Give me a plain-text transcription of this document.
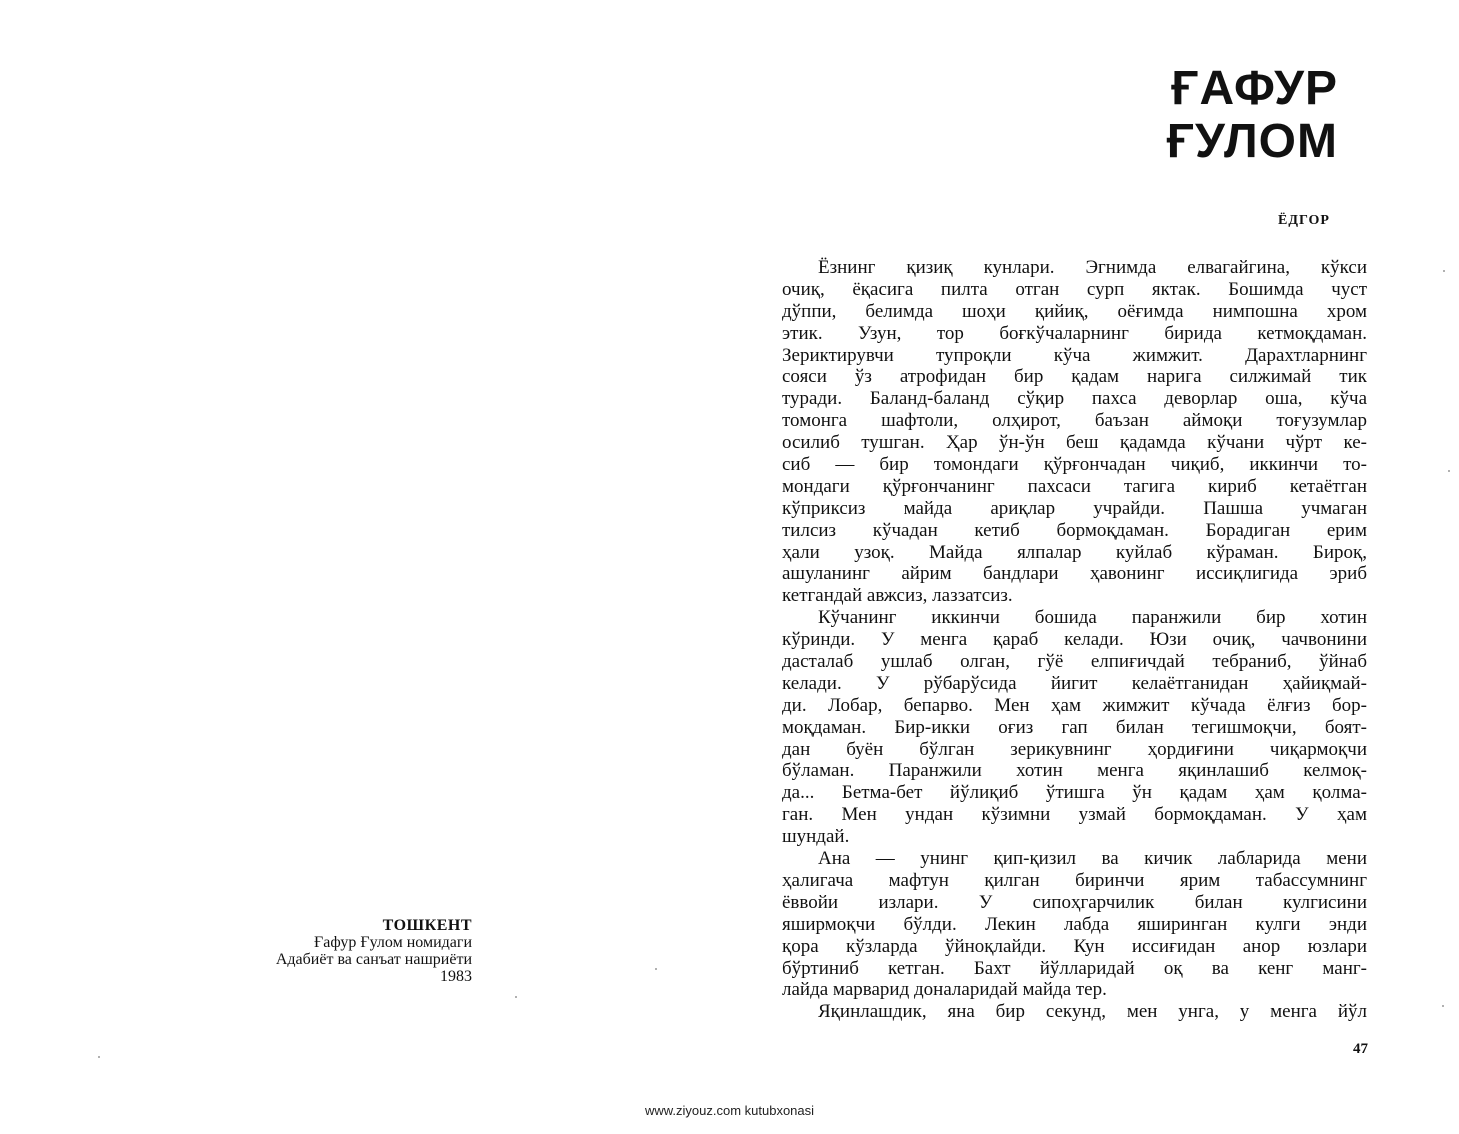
ТОШКЕНТ
Ғафур Ғулом номидаги
Адабиёт ва санъат нашриёти
1983
ҒАФУР
ҒУЛОМ
ЁДГОР
Ёзнинг қизиқ кунлари. Эгнимда елвагайгина, кўкси
очиқ, ёқасига пилта отган сурп яктак. Бошимда чуст
дўппи, белимда шоҳи қийиқ, оёғимда нимпошна хром
этик. Узун, тор боғкўчаларнинг бирида кетмоқдаман.
Зериктирувчи тупроқли кўча жимжит. Дарахтларнинг
сояси ўз атрофидан бир қадам нарига силжимай тик
туради. Баланд-баланд сўқир пахса деворлар оша, кўча
томонга шафтоли, олҳирот, баъзан аймоқи тоғузумлар
осилиб тушган. Ҳар ўн-ўн беш қадамда кўчани чўрт ке-
сиб — бир томондаги қўрғончадан чиқиб, иккинчи то-
мондаги қўрғончанинг пахсаси тагига кириб кетаётган
кўприксиз майда ариқлар учрайди. Пашша учмаган
тилсиз кўчадан кетиб бормоқдаман. Борадиган ерим
ҳали узоқ. Майда ялпалар куйлаб кўраман. Бироқ,
ашуланинг айрим бандлари ҳавонинг иссиқлигида эриб
кетгандай авжсиз, лаззатсиз.
Кўчанинг иккинчи бошида паранжили бир хотин
кўринди. У менга қараб келади. Юзи очиқ, чачвонини
дасталаб ушлаб олган, гўё елпиғичдай тебраниб, ўйнаб
келади. У рўбарўсида йигит келаётганидан ҳайиқмай-
ди. Лобар, бепарво. Мен ҳам жимжит кўчада ёлғиз бор-
моқдаман. Бир-икки оғиз гап билан тегишмоқчи, боят-
дан буён бўлган зерикувнинг ҳордиғини чиқармоқчи
бўламан. Паранжили хотин менга яқинлашиб келмоқ-
да... Бетма-бет йўлиқиб ўтишга ўн қадам ҳам қолма-
ган. Мен ундан кўзимни узмай бормоқдаман. У ҳам
шундай.
Ана — унинг қип-қизил ва кичик лабларида мени
ҳалигача мафтун қилган биринчи ярим табассумнинг
ёввойи излари. У сипоҳгарчилик билан кулгисини
яширмоқчи бўлди. Лекин лабда яширинган кулги энди
қора кўзларда ўйноқлайди. Кун иссиғидан анор юзлари
бўртиниб кетган. Бахт йўлларидай оқ ва кенг манг-
лайда марварид доналаридай майда тер.
Яқинлашдик, яна бир секунд, мен унга, у менга йўл
47
www.ziyouz.com kutubxonasi
